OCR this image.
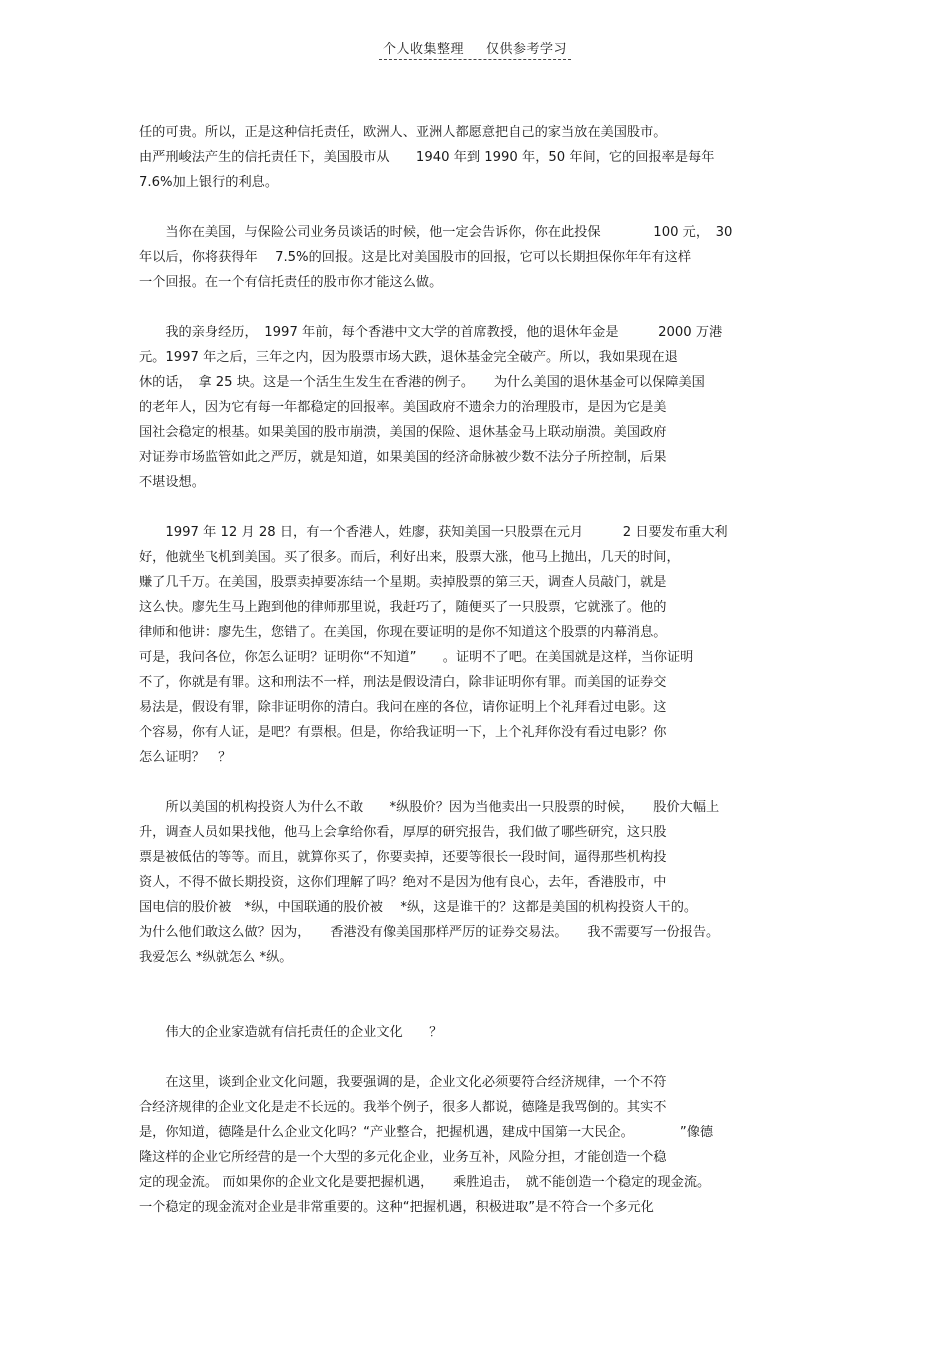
个人收集整理 仅供参考学习
任的可贵。所以，正是这种信托责任，欧洲人、亚洲人都愿意把自己的家当放在美国股市。
由严刑峻法产生的信托责任下，美国股市从　　1940 年到 1990 年，50 年间，它的回报率是每年
7.6%加上银行的利息。
　　当你在美国，与保险公司业务员谈话的时候，他一定会告诉你，你在此投保　　　　100 元，　30
年以后，你将获得年　 7.5%的回报。这是比对美国股市的回报，它可以长期担保你年年有这样
一个回报。在一个有信托责任的股市你才能这么做。
　　我的亲身经历，　1997 年前，每个香港中文大学的首席教授，他的退休年金是　　　2000 万港
元。1997 年之后，三年之内，因为股票市场大跌，退休基金完全破产。所以，我如果现在退
休的话，　拿 25 块。这是一个活生生发生在香港的例子。　　为什么美国的退休基金可以保障美国
的老年人，因为它有每一年都稳定的回报率。美国政府不遗余力的治理股市，是因为它是美
国社会稳定的根基。如果美国的股市崩溃，美国的保险、退休基金马上联动崩溃。美国政府
对证券市场监管如此之严厉，就是知道，如果美国的经济命脉被少数不法分子所控制，后果
不堪设想。
　　1997 年 12 月 28 日，有一个香港人，姓廖，获知美国一只股票在元月　　　2 日要发布重大利
好，他就坐飞机到美国。买了很多。而后，利好出来，股票大涨，他马上抛出，几天的时间，
赚了几千万。在美国，股票卖掉要冻结一个星期。卖掉股票的第三天，调查人员敲门，就是
这么快。廖先生马上跑到他的律师那里说，我赶巧了，随便买了一只股票，它就涨了。他的
律师和他讲：廖先生，您错了。在美国，你现在要证明的是你不知道这个股票的内幕消息。
可是，我问各位，你怎么证明？证明你“不知道”　　。证明不了吧。在美国就是这样，当你证明
不了，你就是有罪。这和刑法不一样，刑法是假设清白，除非证明你有罪。而美国的证券交
易法是，假设有罪，除非证明你的清白。我问在座的各位，请你证明上个礼拜看过电影。这
个容易，你有人证，是吧？有票根。但是，你给我证明一下，上个礼拜你没有看过电影？你
怎么证明？　？
　　所以美国的机构投资人为什么不敢　　*纵股价？因为当他卖出一只股票的时候，　　股价大幅上
升，调查人员如果找他，他马上会拿给你看，厚厚的研究报告，我们做了哪些研究，这只股
票是被低估的等等。而且，就算你买了，你要卖掉，还要等很长一段时间，逼得那些机构投
资人，不得不做长期投资，这你们理解了吗？绝对不是因为他有良心，去年，香港股市，中
国电信的股价被　*纵，中国联通的股价被　 *纵，这是谁干的？这都是美国的机构投资人干的。
为什么他们敢这么做？因为，　　香港没有像美国那样严厉的证券交易法。　　我不需要写一份报告。
我爱怎么 *纵就怎么 *纵。
　　伟大的企业家造就有信托责任的企业文化　　？
　　在这里，谈到企业文化问题，我要强调的是，企业文化必须要符合经济规律，一个不符
合经济规律的企业文化是走不长远的。我举个例子，很多人都说，德隆是我骂倒的。其实不
是，你知道，德隆是什么企业文化吗？“产业整合，把握机遇，建成中国第一大民企。　　　　”像德
隆这样的企业它所经营的是一个大型的多元化企业，业务互补，风险分担，才能创造一个稳
定的现金流。 而如果你的企业文化是要把握机遇，　　乘胜追击，　就不能创造一个稳定的现金流。
一个稳定的现金流对企业是非常重要的。这种“把握机遇，积极进取”是不符合一个多元化
